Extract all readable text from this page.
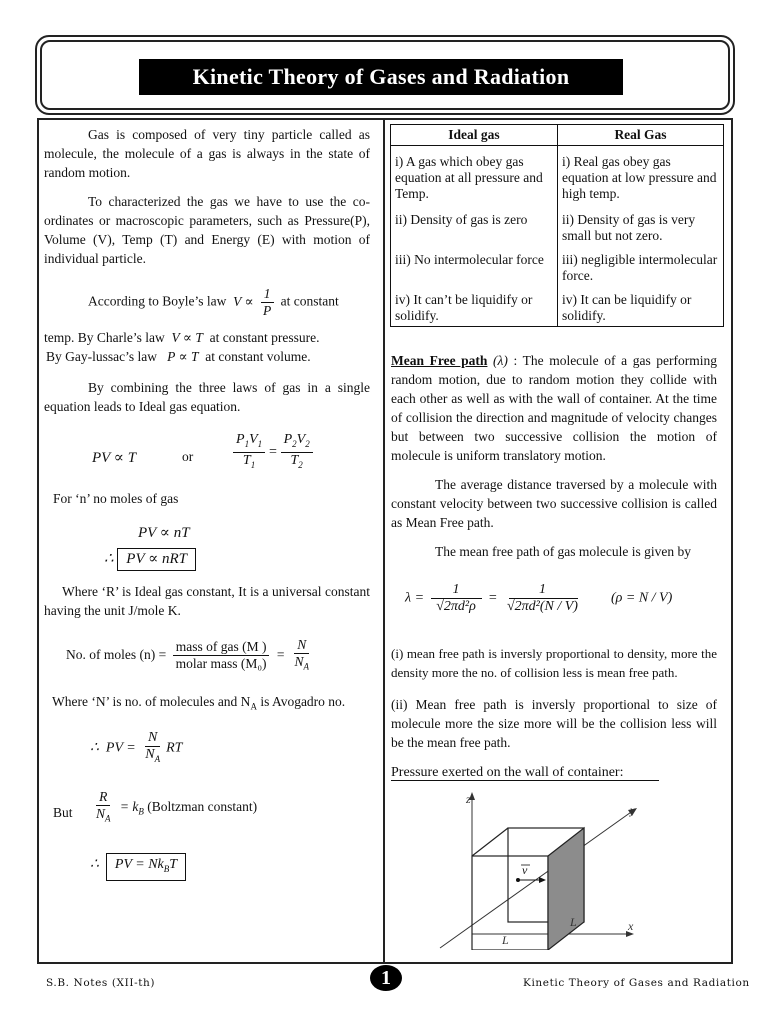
Kinetic Theory of Gases and Radiation

Gas is composed of very tiny particle called as molecule, the molecule of a gas is always in the state of random motion.

To characterized the gas we have to use the co-ordinates or macroscopic parameters, such as Pressure(P), Volume (V), Temp (T) and Energy (E) with motion of individual particle.

According to Boyle’s law  $V \propto \frac{1}{P}$ at constant
temp. By Charle’s law  V ∝ T  at constant pressure.
By Gay-lussac’s law   P ∝ T  at constant volume.

By combining the three laws of gas in a single equation leads to Ideal gas equation.

PV ∝ T	or	$\frac{P_1V_1}{T_1} = \frac{P_2V_2}{T_2}$
For ‘n’ no moles of gas
PV ∝ nT
∴ PV ∝ nRT

Where ‘R’ is Ideal gas constant, It is a universal constant having the unit J/mole K.

No. of moles $(n) = \frac{\text{mass of gas (M )}}{\text{molar mass (M₀)}} = \frac{N}{N_A}$
Where ‘N’ is no. of molecules and $N_A$ is Avogadro no.
∴  PV = $\frac{N}{N_A}$ RT
But $\frac{R}{N_A} = k_B$ (Boltzman constant)
∴  PV = $Nk_BT$
Ideal gas	Real Gas
i) A gas which obey gas equation at all pressure and Temp.	i) Real gas obey gas equation at low pressure and high temp.
ii) Density of gas is zero	ii) Density of gas is very small but not zero.
iii) No intermolecular force	iii) negligible intermolecular force.
iv) It can’t be liquidify or solidify.	iv) It can be liquidify or solidify.

Mean Free path (λ) : The molecule of a gas performing random motion, due to random motion they collide with each other as well as with the wall of container. At the time of collision the direction and magnitude of velocity changes but between two successive collision the motion of molecule is uniform translatory motion.

The average distance traversed by a molecule with constant velocity between two successive collision is called as Mean Free path.

The mean free path of gas molecule is given by

$\lambda = \frac{1}{\text{√2πd²ρ}} = \frac{1}{\text{√2πd²(N / V)}} (\rho = N / V)$

(i) mean free path is inversly proportional to density, more the density more the no. of collision less is mean free path.

(ii) Mean free path is inversly proportional to size of molecule more the size more will be the collision less will be the mean free path.

Pressure exerted on the wall of container:
z
y
x
v
L
L
S.B. Notes (XII-th)	1	Kinetic Theory of Gases and Radiation
